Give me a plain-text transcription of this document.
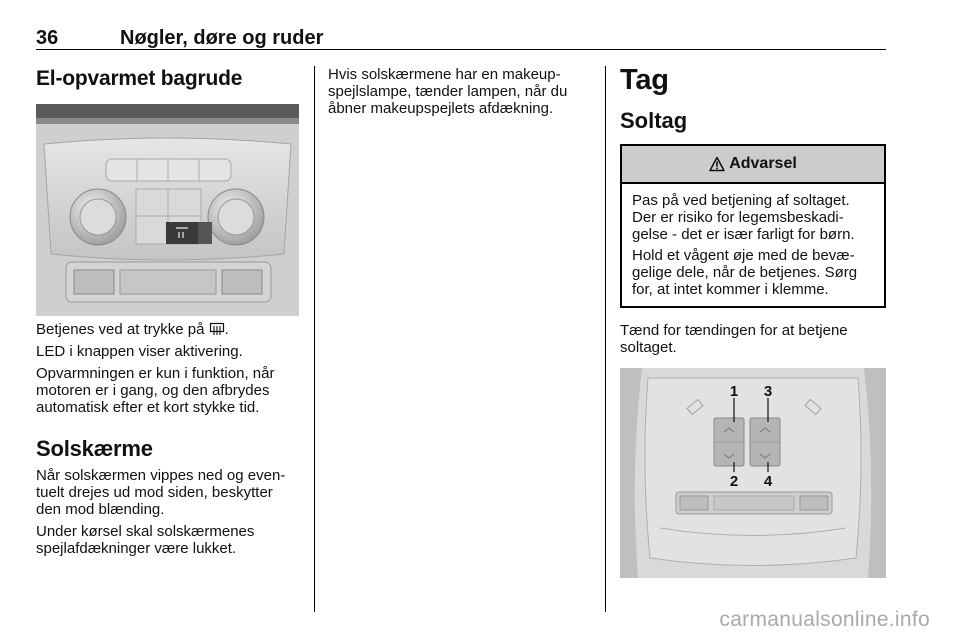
36	Nøgler, døre og ruder
El-opvarmet bagrude

Betjenes ved at trykke på .

LED i knappen viser aktivering.

Opvarmningen er kun i funktion, når motoren er i gang, og den afbrydes automatisk efter et kort stykke tid.

Solskærme

Når solskærmen vippes ned og even-tuelt drejes ud mod siden, beskytter den mod blænding.

Under kørsel skal solskærmenes spejlafdækninger være lukket.

Hvis solskærmene har en makeup-spejlslampe, tænder lampen, når du åbner makeupspejlets afdækning.

Tag
Soltag
Advarsel

Pas på ved betjening af soltaget. Der er risiko for legemsbeskadi-gelse - det er især farligt for børn.

Hold et vågent øje med de bevæ-gelige dele, når de betjenes. Sørg for, at intet kommer i klemme.

Tænd for tændingen for at betjene soltaget.

1 3
2 4
carmanualsonline.info
